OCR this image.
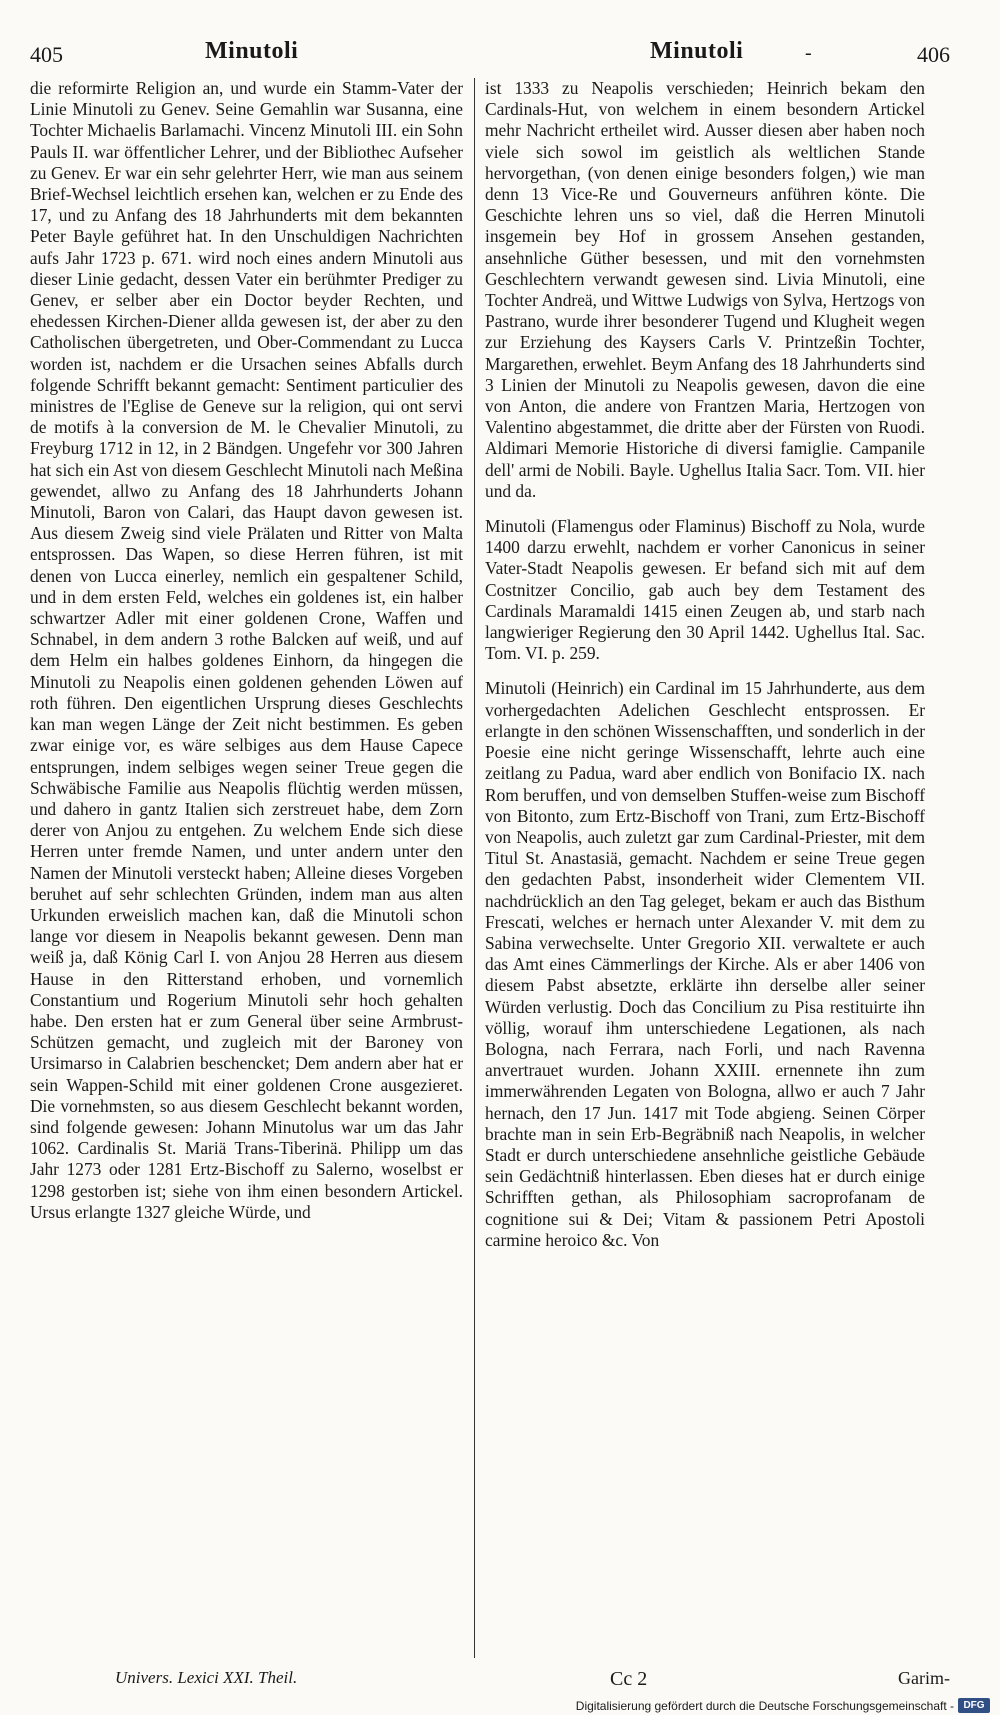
405	Minutoli	Minutoli	-	406

die reformirte Religion an, und wurde ein Stamm-Vater der Linie Minutoli zu Genev. Seine Gemahlin war Susanna, eine Tochter Michaelis Barlamachi. Vincenz Minutoli III. ein Sohn Pauls II. war öffentlicher Lehrer, und der Bibliothec Aufseher zu Genev. Er war ein sehr gelehrter Herr, wie man aus seinem Brief-Wechsel leichtlich ersehen kan, welchen er zu Ende des 17, und zu Anfang des 18 Jahrhunderts mit dem bekannten Peter Bayle geführet hat. In den Unschuldigen Nachrichten aufs Jahr 1723 p. 671. wird noch eines andern Minutoli aus dieser Linie gedacht, dessen Vater ein berühmter Prediger zu Genev, er selber aber ein Doctor beyder Rechten, und ehedessen Kirchen-Diener allda gewesen ist, der aber zu den Catholischen übergetreten, und Ober-Commendant zu Lucca worden ist, nachdem er die Ursachen seines Abfalls durch folgende Schrifft bekannt gemacht: Sentiment particulier des ministres de l'Eglise de Geneve sur la religion, qui ont servi de motifs à la conversion de M. le Chevalier Minutoli, zu Freyburg 1712 in 12, in 2 Bändgen. Ungefehr vor 300 Jahren hat sich ein Ast von diesem Geschlecht Minutoli nach Meßina gewendet, allwo zu Anfang des 18 Jahrhunderts Johann Minutoli, Baron von Calari, das Haupt davon gewesen ist. Aus diesem Zweig sind viele Prälaten und Ritter von Malta entsprossen. Das Wapen, so diese Herren führen, ist mit denen von Lucca einerley, nemlich ein gespaltener Schild, und in dem ersten Feld, welches ein goldenes ist, ein halber schwartzer Adler mit einer goldenen Crone, Waffen und Schnabel, in dem andern 3 rothe Balcken auf weiß, und auf dem Helm ein halbes goldenes Einhorn, da hingegen die Minutoli zu Neapolis einen goldenen gehenden Löwen auf roth führen. Den eigentlichen Ursprung dieses Geschlechts kan man wegen Länge der Zeit nicht bestimmen. Es geben zwar einige vor, es wäre selbiges aus dem Hause Capece entsprungen, indem selbiges wegen seiner Treue gegen die Schwäbische Familie aus Neapolis flüchtig werden müssen, und dahero in gantz Italien sich zerstreuet habe, dem Zorn derer von Anjou zu entgehen. Zu welchem Ende sich diese Herren unter fremde Namen, und unter andern unter den Namen der Minutoli versteckt haben; Alleine dieses Vorgeben beruhet auf sehr schlechten Gründen, indem man aus alten Urkunden erweislich machen kan, daß die Minutoli schon lange vor diesem in Neapolis bekannt gewesen. Denn man weiß ja, daß König Carl I. von Anjou 28 Herren aus diesem Hause in den Ritterstand erhoben, und vornemlich Constantium und Rogerium Minutoli sehr hoch gehalten habe. Den ersten hat er zum General über seine Armbrust-Schützen gemacht, und zugleich mit der Baroney von Ursimarso in Calabrien beschencket; Dem andern aber hat er sein Wappen-Schild mit einer goldenen Crone ausgezieret. Die vornehmsten, so aus diesem Geschlecht bekannt worden, sind folgende gewesen: Johann Minutolus war um das Jahr 1062. Cardinalis St. Mariä Trans-Tiberinä. Philipp um das Jahr 1273 oder 1281 Ertz-Bischoff zu Salerno, woselbst er 1298 gestorben ist; siehe von ihm einen besondern Artickel. Ursus erlangte 1327 gleiche Würde, und

ist 1333 zu Neapolis verschieden; Heinrich bekam den Cardinals-Hut, von welchem in einem besondern Artickel mehr Nachricht ertheilet wird. Ausser diesen aber haben noch viele sich sowol im geistlich als weltlichen Stande hervorgethan, (von denen einige besonders folgen,) wie man denn 13 Vice-Re und Gouverneurs anführen könte. Die Geschichte lehren uns so viel, daß die Herren Minutoli insgemein bey Hof in grossem Ansehen gestanden, ansehnliche Güther besessen, und mit den vornehmsten Geschlechtern verwandt gewesen sind. Livia Minutoli, eine Tochter Andreä, und Wittwe Ludwigs von Sylva, Hertzogs von Pastrano, wurde ihrer besonderer Tugend und Klugheit wegen zur Erziehung des Kaysers Carls V. Printzeßin Tochter, Margarethen, erwehlet. Beym Anfang des 18 Jahrhunderts sind 3 Linien der Minutoli zu Neapolis gewesen, davon die eine von Anton, die andere von Frantzen Maria, Hertzogen von Valentino abgestammet, die dritte aber der Fürsten von Ruodi. Aldimari Memorie Historiche di diversi famiglie. Campanile dell' armi de Nobili. Bayle. Ughellus Italia Sacr. Tom. VII. hier und da.

Minutoli (Flamengus oder Flaminus) Bischoff zu Nola, wurde 1400 darzu erwehlt, nachdem er vorher Canonicus in seiner Vater-Stadt Neapolis gewesen. Er befand sich mit auf dem Costnitzer Concilio, gab auch bey dem Testament des Cardinals Maramaldi 1415 einen Zeugen ab, und starb nach langwieriger Regierung den 30 April 1442. Ughellus Ital. Sac. Tom. VI. p. 259.

Minutoli (Heinrich) ein Cardinal im 15 Jahrhunderte, aus dem vorhergedachten Adelichen Geschlecht entsprossen. Er erlangte in den schönen Wissenschafften, und sonderlich in der Poesie eine nicht geringe Wissenschafft, lehrte auch eine zeitlang zu Padua, ward aber endlich von Bonifacio IX. nach Rom beruffen, und von demselben Stuffen-weise zum Bischoff von Bitonto, zum Ertz-Bischoff von Trani, zum Ertz-Bischoff von Neapolis, auch zuletzt gar zum Cardinal-Priester, mit dem Titul St. Anastasiä, gemacht. Nachdem er seine Treue gegen den gedachten Pabst, insonderheit wider Clementem VII. nachdrücklich an den Tag geleget, bekam er auch das Bisthum Frescati, welches er hernach unter Alexander V. mit dem zu Sabina verwechselte. Unter Gregorio XII. verwaltete er auch das Amt eines Cämmerlings der Kirche. Als er aber 1406 von diesem Pabst absetzte, erklärte ihn derselbe aller seiner Würden verlustig. Doch das Concilium zu Pisa restituirte ihn völlig, worauf ihm unterschiedene Legationen, als nach Bologna, nach Ferrara, nach Forli, und nach Ravenna anvertrauet wurden. Johann XXIII. ernennete ihn zum immerwährenden Legaten von Bologna, allwo er auch 7 Jahr hernach, den 17 Jun. 1417 mit Tode abgieng. Seinen Cörper brachte man in sein Erb-Begräbniß nach Neapolis, in welcher Stadt er durch unterschiedene ansehnliche geistliche Gebäude sein Gedächtniß hinterlassen. Eben dieses hat er durch einige Schrifften gethan, als Philosophiam sacroprofanam de cognitione sui & Dei; Vitam & passionem Petri Apostoli carmine heroico &c. Von

Univers. Lexici XXI. Theil.	Cc 2	Garim-
Digitalisierung gefördert durch die Deutsche Forschungsgemeinschaft - DFG
